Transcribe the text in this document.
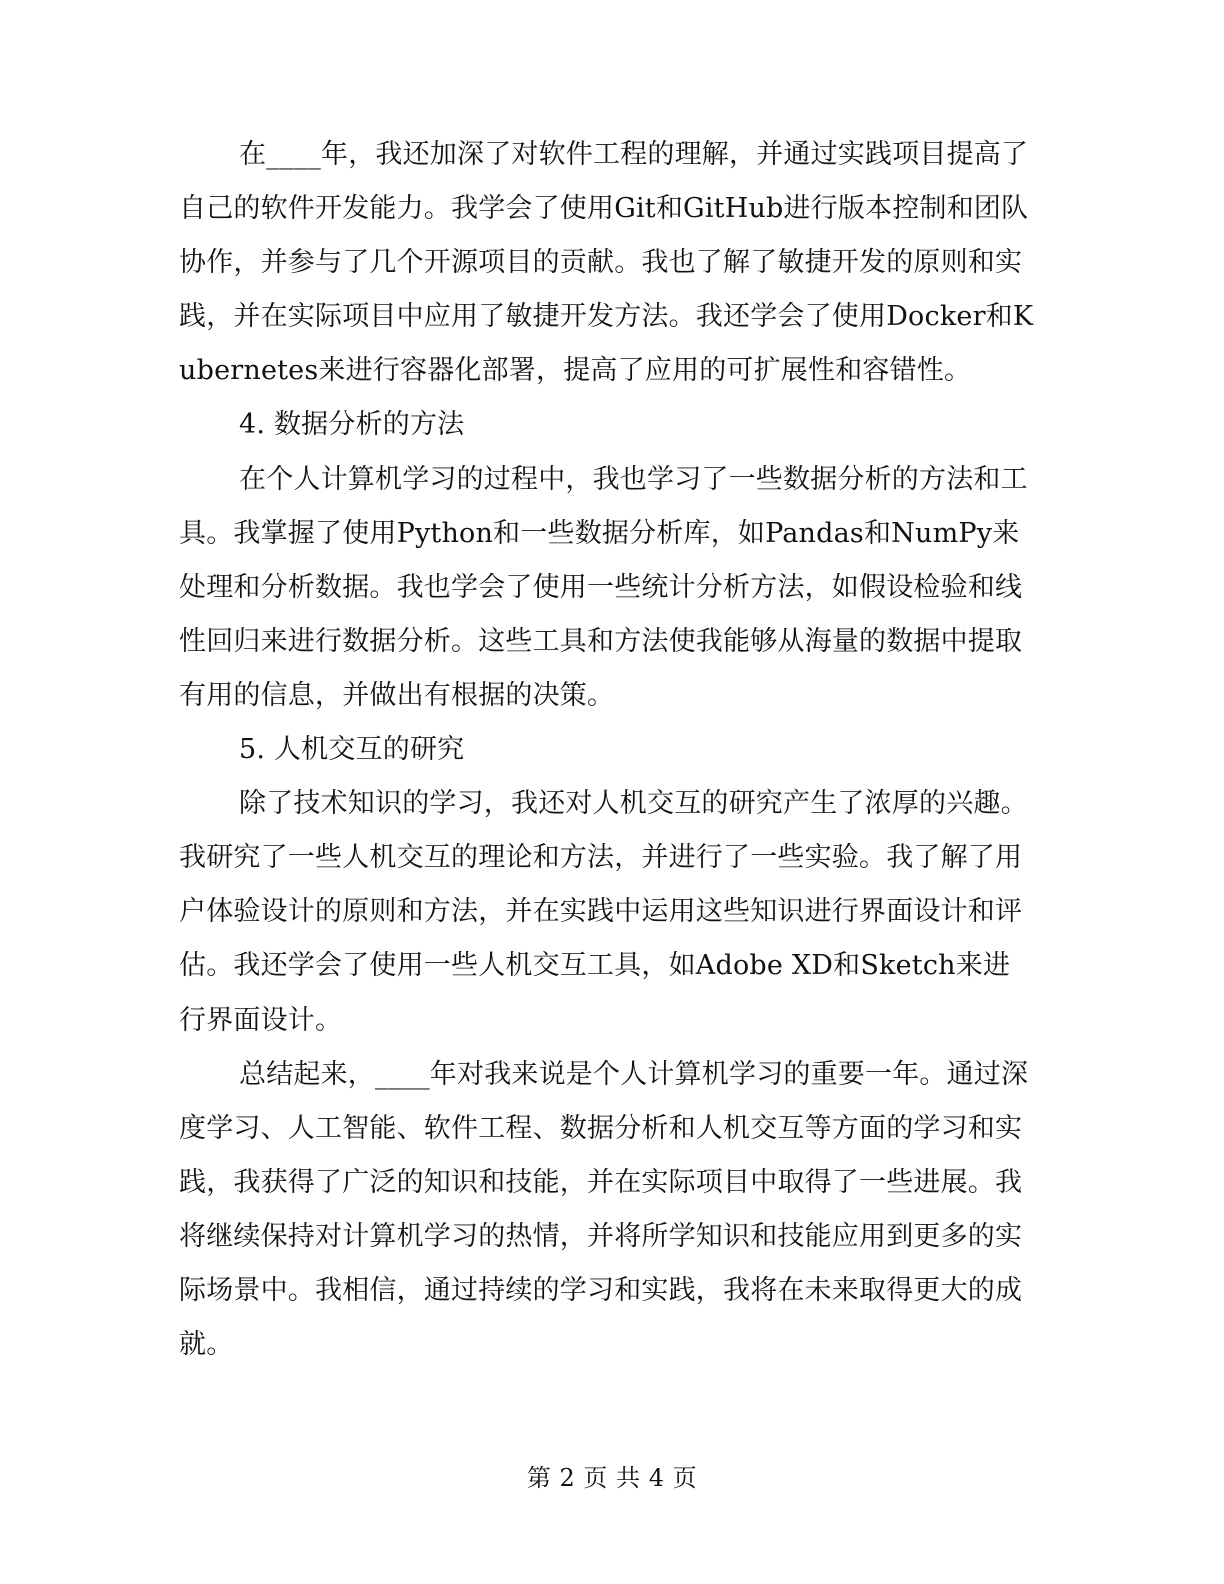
在____年，我还加深了对软件工程的理解，并通过实践项目提高了自己的软件开发能力。我学会了使用Git和GitHub进行版本控制和团队协作，并参与了几个开源项目的贡献。我也了解了敏捷开发的原则和实践，并在实际项目中应用了敏捷开发方法。我还学会了使用Docker和Kubernetes来进行容器化部署，提高了应用的可扩展性和容错性。

4. 数据分析的方法

在个人计算机学习的过程中，我也学习了一些数据分析的方法和工具。我掌握了使用Python和一些数据分析库，如Pandas和NumPy来处理和分析数据。我也学会了使用一些统计分析方法，如假设检验和线性回归来进行数据分析。这些工具和方法使我能够从海量的数据中提取有用的信息，并做出有根据的决策。

5. 人机交互的研究

除了技术知识的学习，我还对人机交互的研究产生了浓厚的兴趣。我研究了一些人机交互的理论和方法，并进行了一些实验。我了解了用户体验设计的原则和方法，并在实践中运用这些知识进行界面设计和评估。我还学会了使用一些人机交互工具，如Adobe XD和Sketch来进行界面设计。

总结起来，____年对我来说是个人计算机学习的重要一年。通过深度学习、人工智能、软件工程、数据分析和人机交互等方面的学习和实践，我获得了广泛的知识和技能，并在实际项目中取得了一些进展。我将继续保持对计算机学习的热情，并将所学知识和技能应用到更多的实际场景中。我相信，通过持续的学习和实践，我将在未来取得更大的成就。

第 2 页 共 4 页
